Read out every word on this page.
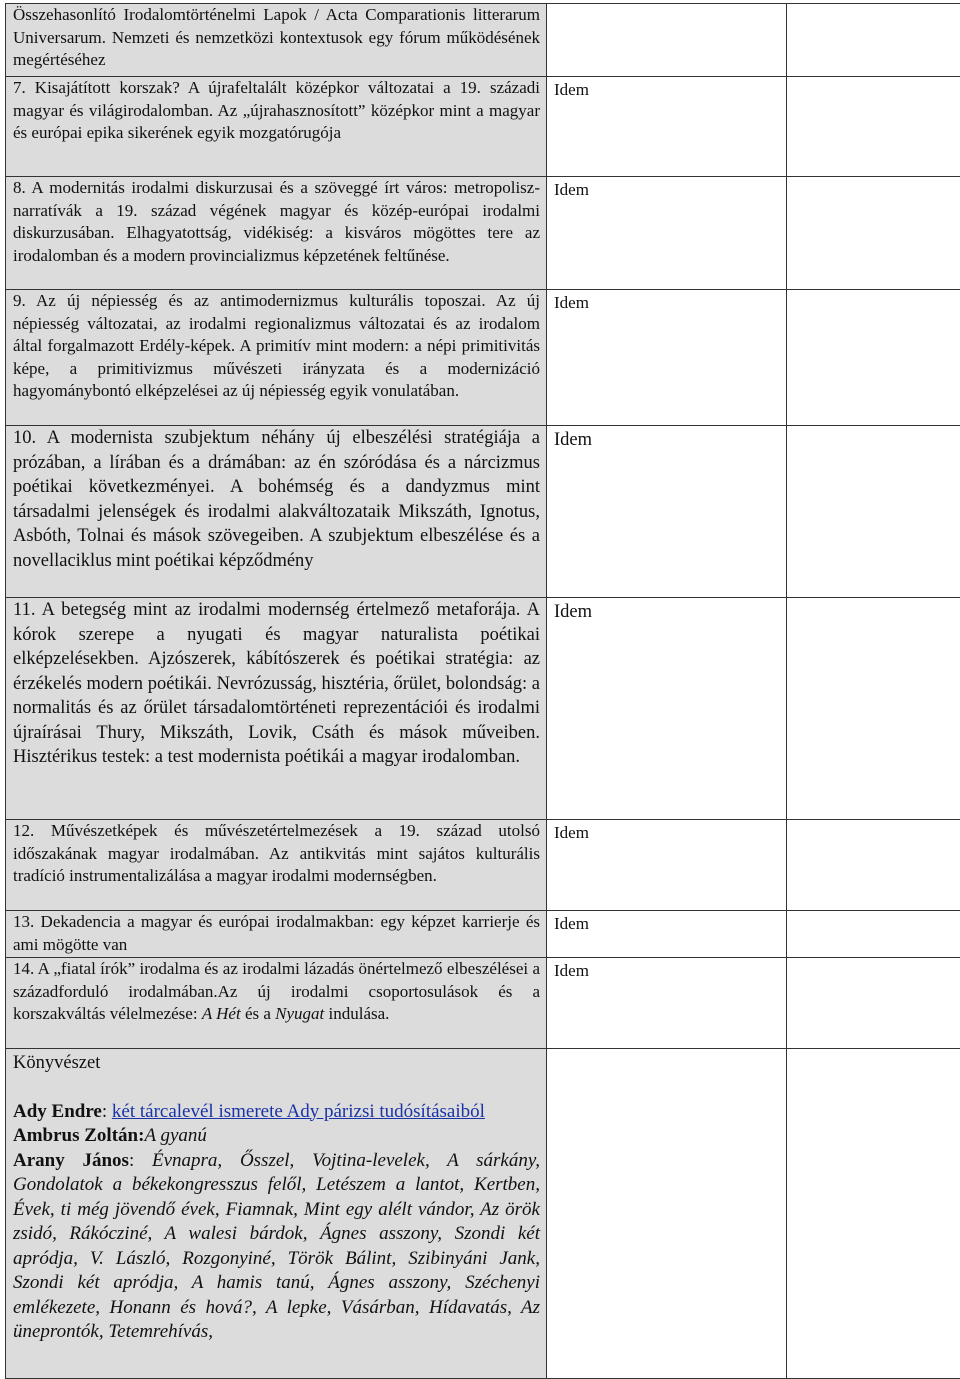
Összehasonlító Irodalomtörténelmi Lapok / Acta Comparationis litterarum Universarum. Nemzeti és nemzetközi kontextusok egy fórum működésének megértéséhez	

7. Kisajátított korszak? A újrafeltalált középkor változatai a 19. századi magyar és világirodalomban. Az „újrahasznosított” középkor mint a magyar és európai epika sikerének egyik mozgatórugója	Idem	

8. A modernitás irodalmi diskurzusai és a szöveggé írt város: metropolisz-narratívák a 19. század végének magyar és közép-európai irodalmi diskurzusában. Elhagyatottság, vidékiség: a kisváros mögöttes tere az irodalomban és a modern provincializmus képzetének feltűnése.	Idem	

9. Az új népiesség és az antimodernizmus kulturális toposzai. Az új népiesség változatai, az irodalmi regionalizmus változatai és az irodalom által forgalmazott Erdély-képek. A primitív mint modern: a népi primitivitás képe, a primitivizmus művészeti irányzata és a modernizáció hagyománybontó elképzelései az új népiesség egyik vonulatában.	Idem	

10. A modernista szubjektum néhány új elbeszélési stratégiája a prózában, a lírában és a drámában: az én szóródása és a nárcizmus poétikai következményei. A bohémség és a dandyzmus mint társadalmi jelenségek és irodalmi alakváltozataik Mikszáth, Ignotus, Asbóth, Tolnai és mások szövegeiben. A szubjektum elbeszélése és a novellaciklus mint poétikai képződmény	Idem	

11. A betegség mint az irodalmi modernség értelmező metaforája. A kórok szerepe a nyugati és magyar naturalista poétikai elképzelésekben. Ajzószerek, kábítószerek és poétikai stratégia: az érzékelés modern poétikái. Nevrózusság, hisztéria, őrület, bolondság: a normalitás és az őrület társadalomtörténeti reprezentációi és irodalmi újraírásai Thury, Mikszáth, Lovik, Csáth és mások műveiben. Hisztérikus testek: a test modernista poétikái a magyar irodalomban.	Idem	

12. Művészetképek és művészetértelmezések a 19. század utolsó időszakának magyar irodalmában. Az antikvitás mint sajátos kulturális tradíció instrumentalizálása a magyar irodalmi modernségben.	Idem	

13. Dekadencia a magyar és európai irodalmakban: egy képzet karrierje és ami mögötte van	Idem	

14. A „fiatal írók” irodalma és az irodalmi lázadás önértelmező elbeszélései a századforduló irodalmában.Az új irodalmi csoportosulások és a korszakváltás vélelmezése: A Hét és a Nyugat indulása.	Idem	

Könyvészet

Ady Endre: két tárcalevél ismerete Ady párizsi tudósításaiból

Ambrus Zoltán:A gyanú

Arany János: Évnapra, Ősszel, Vojtina-levelek, A sárkány, Gondolatok a békekongresszus felől, Letészem a lantot, Kertben, Évek, ti még jövendő évek, Fiamnak, Mint egy alélt vándor, Az örök zsidó, Rákócziné, A walesi bárdok, Ágnes asszony, Szondi két apródja, V. László, Rozgonyiné, Török Bálint, Szibinyáni Jank, Szondi két apródja, A hamis tanú, Ágnes asszony, Széchenyi emlékezete, Honann és hová?, A lepke, Vásárban, Hídavatás, Az üneprontók, Tetemrehívás,		
